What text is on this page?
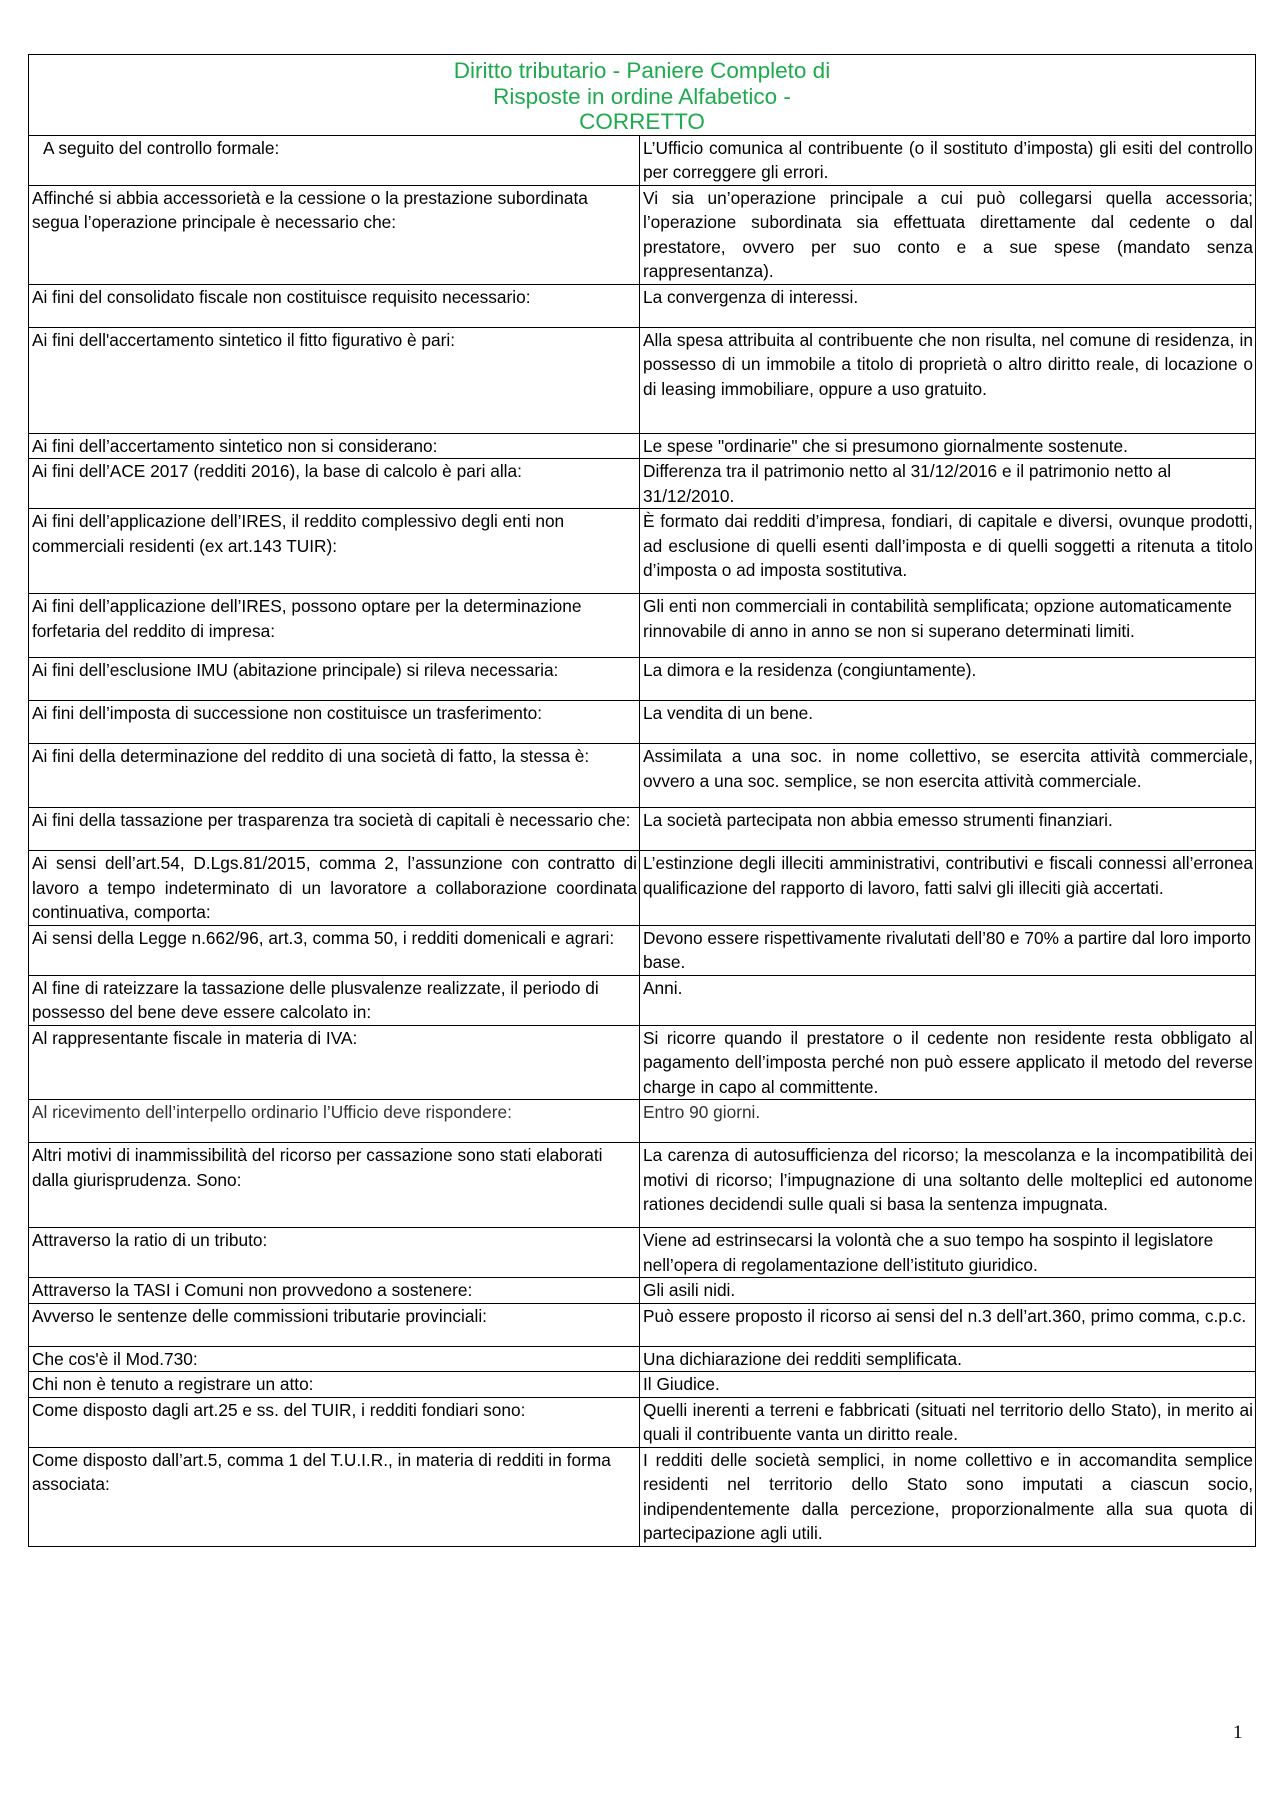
Diritto tributario - Paniere Completo di
Risposte in ordine Alfabetico -
CORRETTO	

A seguito del controllo formale:	L’Ufficio comunica al contribuente (o il sostituto d’imposta) gli esiti del controllo per correggere gli errori.
Affinché si abbia accessorietà e la cessione o la prestazione subordinata segua l’operazione principale è necessario che:	Vi sia un’operazione principale a cui può collegarsi quella accessoria; l’operazione subordinata sia effettuata direttamente dal cedente o dal prestatore, ovvero per suo conto e a sue spese (mandato senza rappresentanza).
Ai fini del consolidato fiscale non costituisce requisito necessario:	La convergenza di interessi.
Ai fini dell'accertamento sintetico il fitto figurativo è pari:	Alla spesa attribuita al contribuente che non risulta, nel comune di residenza, in possesso di un immobile a titolo di proprietà o altro diritto reale, di locazione o di leasing immobiliare, oppure a uso gratuito.
Ai fini dell’accertamento sintetico non si considerano:	Le spese "ordinarie" che si presumono giornalmente sostenute.
Ai fini dell’ACE 2017 (redditi 2016), la base di calcolo è pari alla:	Differenza tra il patrimonio netto al 31/12/2016 e il patrimonio netto al 31/12/2010.
Ai fini dell’applicazione dell’IRES, il reddito complessivo degli enti non commerciali residenti (ex art.143 TUIR):	È formato dai redditi d’impresa, fondiari, di capitale e diversi, ovunque prodotti, ad esclusione di quelli esenti dall’imposta e di quelli soggetti a ritenuta a titolo d’imposta o ad imposta sostitutiva.
Ai fini dell’applicazione dell’IRES, possono optare per la determinazione forfetaria del reddito di impresa:	Gli enti non commerciali in contabilità semplificata; opzione automaticamente rinnovabile di anno in anno se non si superano determinati limiti.
Ai fini dell’esclusione IMU (abitazione principale) si rileva necessaria:	La dimora e la residenza (congiuntamente).
Ai fini dell’imposta di successione non costituisce un trasferimento:	La vendita di un bene.
Ai fini della determinazione del reddito di una società di fatto, la stessa è:	Assimilata a una soc. in nome collettivo, se esercita attività commerciale, ovvero a una soc. semplice, se non esercita attività commerciale.
Ai fini della tassazione per trasparenza tra società di capitali è necessario che:	La società partecipata non abbia emesso strumenti finanziari.
Ai sensi dell’art.54, D.Lgs.81/2015, comma 2, l’assunzione con contratto di lavoro a tempo indeterminato di un lavoratore a collaborazione coordinata continuativa, comporta:	L’estinzione degli illeciti amministrativi, contributivi e fiscali connessi all’erronea qualificazione del rapporto di lavoro, fatti salvi gli illeciti già accertati.
Ai sensi della Legge n.662/96, art.3, comma 50, i redditi domenicali e agrari:	Devono essere rispettivamente rivalutati dell’80 e 70% a partire dal loro importo base.
Al fine di rateizzare la tassazione delle plusvalenze realizzate, il periodo di possesso del bene deve essere calcolato in:	Anni.
Al rappresentante fiscale in materia di IVA:	Si ricorre quando il prestatore o il cedente non residente resta obbligato al pagamento dell’imposta perché non può essere applicato il metodo del reverse charge in capo al committente.
Al ricevimento dell’interpello ordinario l’Ufficio deve rispondere:	Entro 90 giorni.
Altri motivi di inammissibilità del ricorso per cassazione sono stati elaborati dalla giurisprudenza. Sono:	La carenza di autosufficienza del ricorso; la mescolanza e la incompatibilità dei motivi di ricorso; l’impugnazione di una soltanto delle molteplici ed autonome rationes decidendi sulle quali si basa la sentenza impugnata.
Attraverso la ratio di un tributo:	Viene ad estrinsecarsi la volontà che a suo tempo ha sospinto il legislatore nell’opera di regolamentazione dell’istituto giuridico.
Attraverso la TASI i Comuni non provvedono a sostenere:	Gli asili nidi.
Avverso le sentenze delle commissioni tributarie provinciali:	Può essere proposto il ricorso ai sensi del n.3 dell’art.360, primo comma, c.p.c.
Che cos'è il Mod.730:	Una dichiarazione dei redditi semplificata.
Chi non è tenuto a registrare un atto:	Il Giudice.
Come disposto dagli art.25 e ss. del TUIR, i redditi fondiari sono:	Quelli inerenti a terreni e fabbricati (situati nel territorio dello Stato), in merito ai quali il contribuente vanta un diritto reale.
Come disposto dall’art.5, comma 1 del T.U.I.R., in materia di redditi in forma associata:	I redditi delle società semplici, in nome collettivo e in accomandita semplice residenti nel territorio dello Stato sono imputati a ciascun socio, indipendentemente dalla percezione, proporzionalmente alla sua quota di partecipazione agli utili.
1
